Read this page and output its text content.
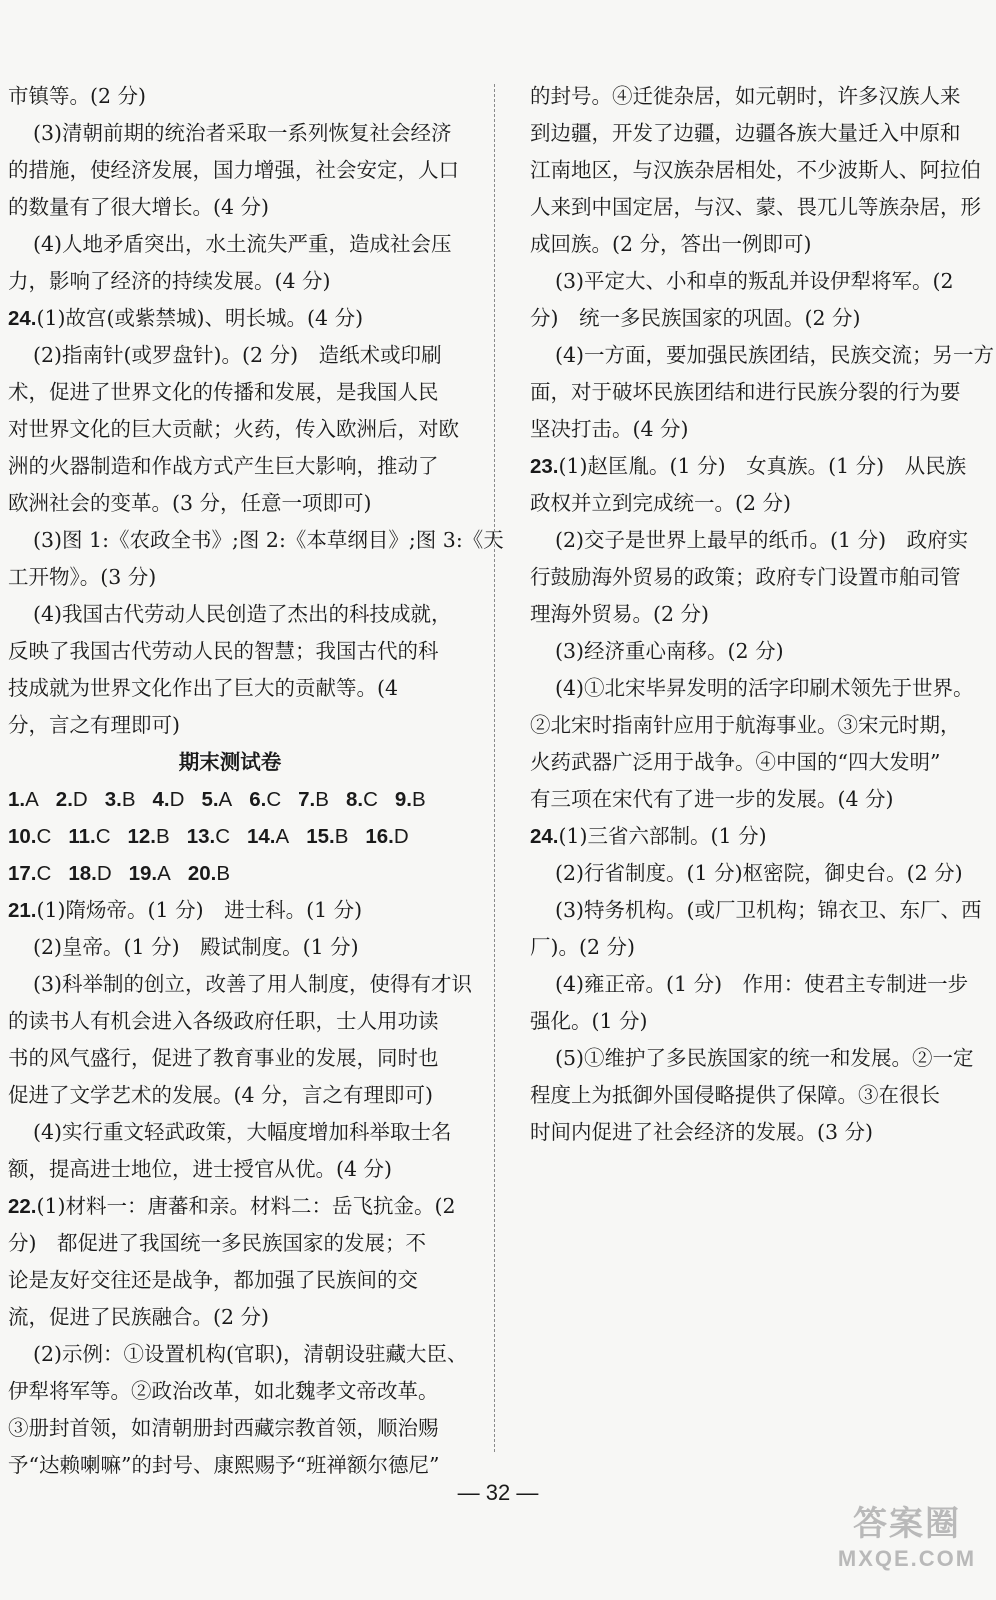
市镇等。(2 分)
(3)清朝前期的统治者采取一系列恢复社会经济
的措施，使经济发展，国力增强，社会安定，人口
的数量有了很大增长。(4 分)
(4)人地矛盾突出，水土流失严重，造成社会压
力，影响了经济的持续发展。(4 分)
24.(1)故宫(或紫禁城)、明长城。(4 分)
(2)指南针(或罗盘针)。(2 分)　造纸术或印刷
术，促进了世界文化的传播和发展，是我国人民
对世界文化的巨大贡献；火药，传入欧洲后，对欧
洲的火器制造和作战方式产生巨大影响，推动了
欧洲社会的变革。(3 分，任意一项即可)
(3)图 1:《农政全书》;图 2:《本草纲目》;图 3:《天
工开物》。(3 分)
(4)我国古代劳动人民创造了杰出的科技成就，
反映了我国古代劳动人民的智慧；我国古代的科
技成就为世界文化作出了巨大的贡献等。(4
分，言之有理即可)
期末测试卷
1.A 2.D 3.B 4.D 5.A 6.C 7.B 8.C 9.B
10.C 11.C 12.B 13.C 14.A 15.B 16.D
17.C 18.D 19.A 20.B
21.(1)隋炀帝。(1 分)　进士科。(1 分)
(2)皇帝。(1 分)　殿试制度。(1 分)
(3)科举制的创立，改善了用人制度，使得有才识
的读书人有机会进入各级政府任职，士人用功读
书的风气盛行，促进了教育事业的发展，同时也
促进了文学艺术的发展。(4 分，言之有理即可)
(4)实行重文轻武政策，大幅度增加科举取士名
额，提高进士地位，进士授官从优。(4 分)
22.(1)材料一：唐蕃和亲。材料二：岳飞抗金。(2
分)　都促进了我国统一多民族国家的发展；不
论是友好交往还是战争，都加强了民族间的交
流，促进了民族融合。(2 分)
(2)示例：①设置机构(官职)，清朝设驻藏大臣、
伊犁将军等。②政治改革，如北魏孝文帝改革。
③册封首领，如清朝册封西藏宗教首领，顺治赐
予“达赖喇嘛”的封号、康熙赐予“班禅额尔德尼”
的封号。④迁徙杂居，如元朝时，许多汉族人来
到边疆，开发了边疆，边疆各族大量迁入中原和
江南地区，与汉族杂居相处，不少波斯人、阿拉伯
人来到中国定居，与汉、蒙、畏兀儿等族杂居，形
成回族。(2 分，答出一例即可)
(3)平定大、小和卓的叛乱并设伊犁将军。(2
分)　统一多民族国家的巩固。(2 分)
(4)一方面，要加强民族团结，民族交流；另一方
面，对于破坏民族团结和进行民族分裂的行为要
坚决打击。(4 分)
23.(1)赵匡胤。(1 分)　女真族。(1 分)　从民族
政权并立到完成统一。(2 分)
(2)交子是世界上最早的纸币。(1 分)　政府实
行鼓励海外贸易的政策；政府专门设置市舶司管
理海外贸易。(2 分)
(3)经济重心南移。(2 分)
(4)①北宋毕昇发明的活字印刷术领先于世界。
②北宋时指南针应用于航海事业。③宋元时期，
火药武器广泛用于战争。④中国的“四大发明”
有三项在宋代有了进一步的发展。(4 分)
24.(1)三省六部制。(1 分)
(2)行省制度。(1 分)枢密院，御史台。(2 分)
(3)特务机构。(或厂卫机构；锦衣卫、东厂、西
厂)。(2 分)
(4)雍正帝。(1 分)　作用：使君主专制进一步
强化。(1 分)
(5)①维护了多民族国家的统一和发展。②一定
程度上为抵御外国侵略提供了保障。③在很长
时间内促进了社会经济的发展。(3 分)
— 32 —
答案圈
MXQE.COM
